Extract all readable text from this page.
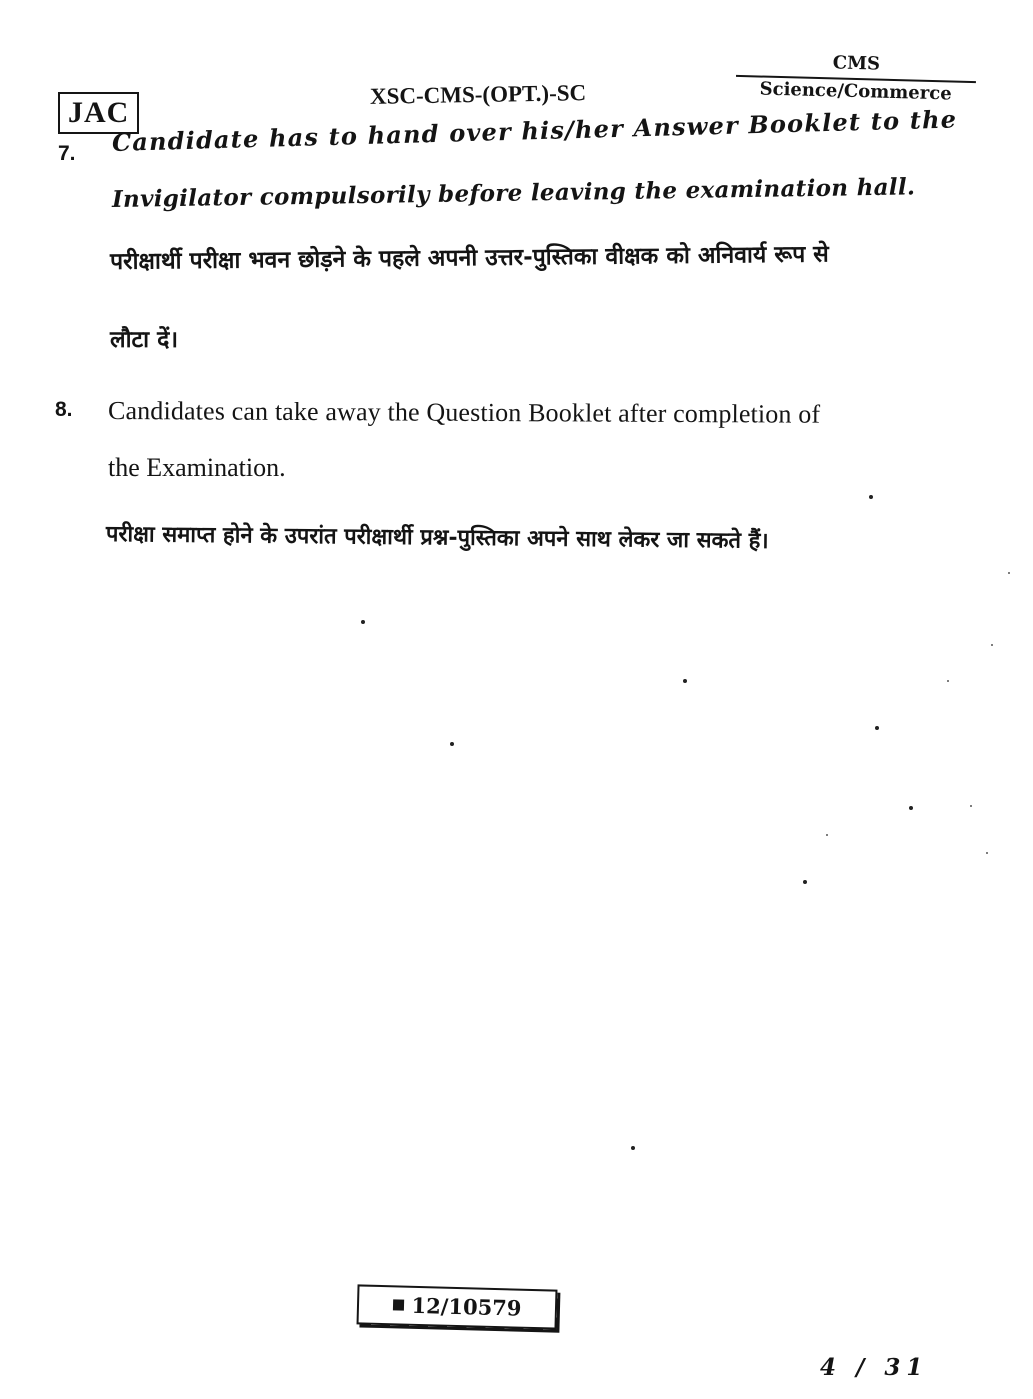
JAC
XSC-CMS-(OPT.)-SC
CMS
Science/Commerce
7. Candidate has to hand over his/her Answer Booklet to the
Invigilator compulsorily before leaving the examination hall.
परीक्षार्थी परीक्षा भवन छोड़ने के पहले अपनी उत्तर-पुस्तिका वीक्षक को अनिवार्य रूप से
लौटा दें।
8. Candidates can take away the Question Booklet after completion of
the Examination.
परीक्षा समाप्त होने के उपरांत परीक्षार्थी प्रश्न-पुस्तिका अपने साथ लेकर जा सकते हैं।
12/10579
4 / 31
